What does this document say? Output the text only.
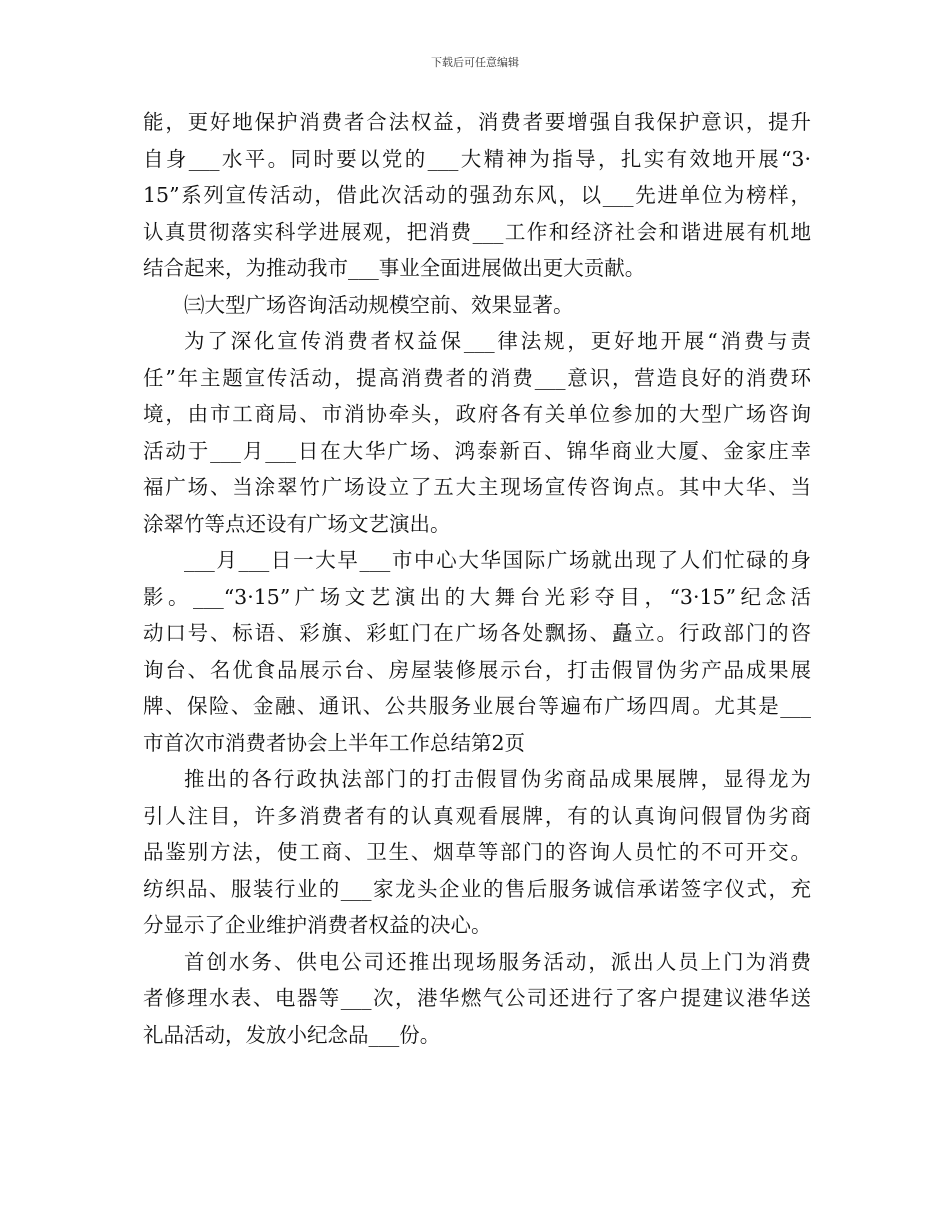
下载后可任意编辑
能，更好地保护消费者合法权益，消费者要增强自我保护意识，提升
自身___水平。同时要以党的___大精神为指导，扎实有效地开展“3·
15”系列宣传活动，借此次活动的强劲东风，以___先进单位为榜样，
认真贯彻落实科学进展观，把消费___工作和经济社会和谐进展有机地
结合起来，为推动我市___事业全面进展做出更大贡献。
㈢大型广场咨询活动规模空前、效果显著。
为了深化宣传消费者权益保___律法规，更好地开展“消费与责
任”年主题宣传活动，提高消费者的消费___意识，营造良好的消费环
境，由市工商局、市消协牵头，政府各有关单位参加的大型广场咨询
活动于___月___日在大华广场、鸿泰新百、锦华商业大厦、金家庄幸
福广场、当涂翠竹广场设立了五大主现场宣传咨询点。其中大华、当
涂翠竹等点还设有广场文艺演出。
___月___日一大早___市中心大华国际广场就出现了人们忙碌的身
影。___“3·15”广场文艺演出的大舞台光彩夺目，“3·15”纪念活
动口号、标语、彩旗、彩虹门在广场各处飘扬、矗立。行政部门的咨
询台、名优食品展示台、房屋装修展示台，打击假冒伪劣产品成果展
牌、保险、金融、通讯、公共服务业展台等遍布广场四周。尤其是___
市首次市消费者协会上半年工作总结第2页
推出的各行政执法部门的打击假冒伪劣商品成果展牌，显得龙为
引人注目，许多消费者有的认真观看展牌，有的认真询问假冒伪劣商
品鉴别方法，使工商、卫生、烟草等部门的咨询人员忙的不可开交。
纺织品、服装行业的___家龙头企业的售后服务诚信承诺签字仪式，充
分显示了企业维护消费者权益的决心。
首创水务、供电公司还推出现场服务活动，派出人员上门为消费
者修理水表、电器等___次，港华燃气公司还进行了客户提建议港华送
礼品活动，发放小纪念品___份。
